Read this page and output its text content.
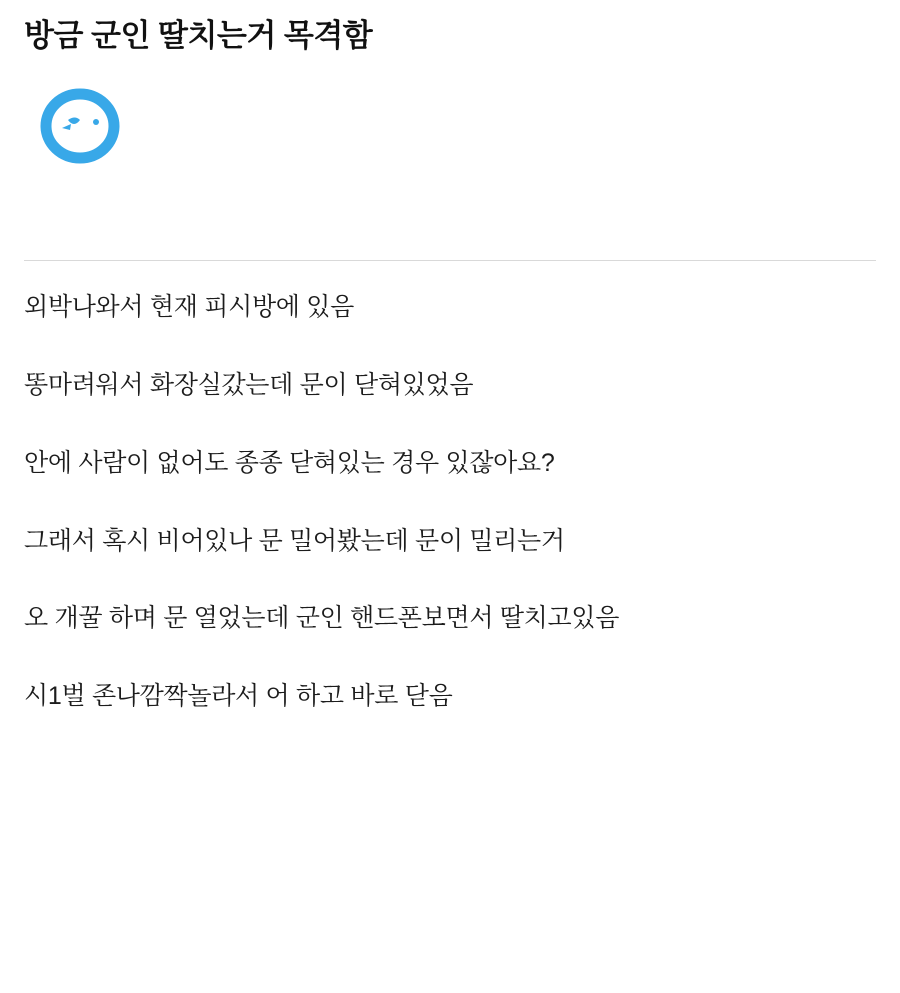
방금 군인 딸치는거 목격함

외박나와서 현재 피시방에 있음

똥마려워서 화장실갔는데 문이 닫혀있었음

안에 사람이 없어도 종종 닫혀있는 경우 있잖아요?

그래서 혹시 비어있나 문 밀어봤는데 문이 밀리는거

오 개꿀 하며 문 열었는데 군인 핸드폰보면서 딸치고있음

시1벌 존나깜짝놀라서 어 하고 바로 닫음
